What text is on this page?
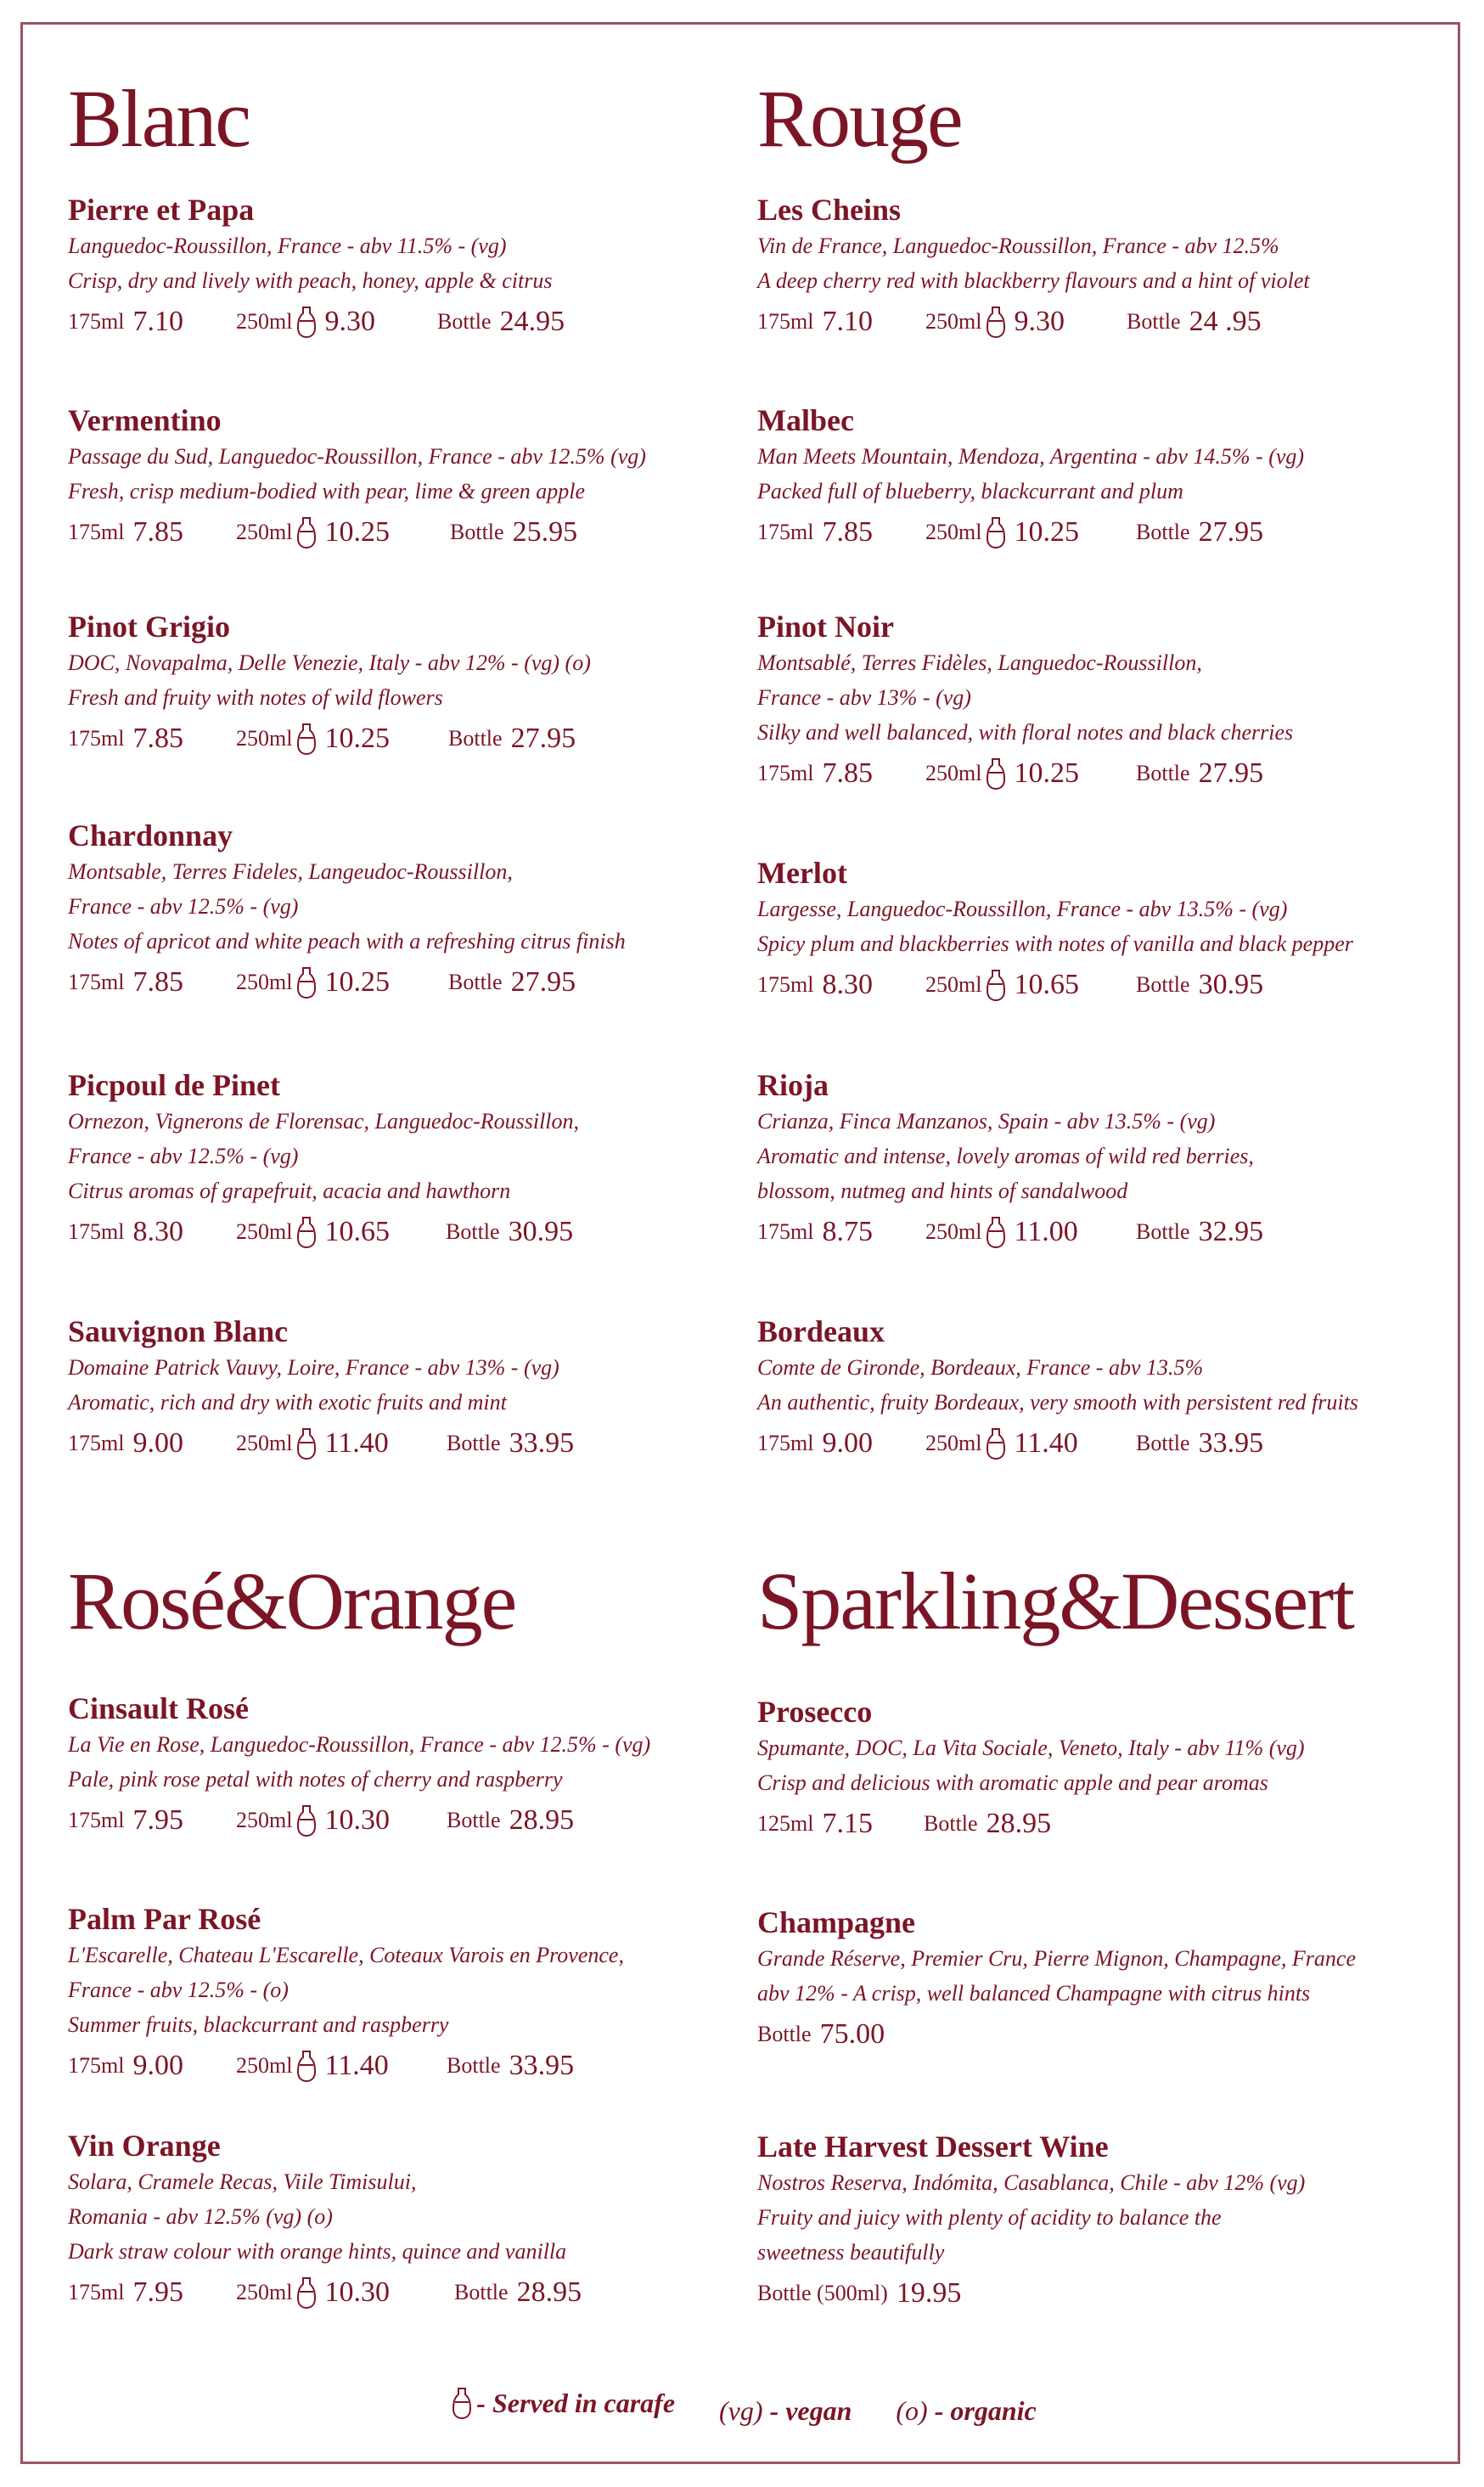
Blanc
Pierre et Papa
Languedoc-Roussillon, France - abv 11.5% - (vg)
Crisp, dry and lively with peach, honey, apple & citrus
175ml 7.10 250ml 9.30	Bottle 24.95
Vermentino
Passage du Sud, Languedoc-Roussillon, France - abv 12.5% (vg)
Fresh, crisp medium-bodied with pear, lime & green apple
175ml 7.85 250ml 10.25	Bottle 25.95
Pinot Grigio
DOC, Novapalma, Delle Venezie, Italy - abv 12% - (vg) (o)
Fresh and fruity with notes of wild flowers
175ml 7.85 250ml 10.25	Bottle 27.95
Chardonnay
Montsable, Terres Fideles, Langeudoc-Roussillon,
France - abv 12.5% - (vg)
Notes of apricot and white peach with a refreshing citrus finish
175ml 7.85 250ml 10.25	Bottle 27.95
Picpoul de Pinet
Ornezon, Vignerons de Florensac, Languedoc-Roussillon,
France - abv 12.5% - (vg)
Citrus aromas of grapefruit, acacia and hawthorn
175ml 8.30 250ml 10.65	Bottle 30.95
Sauvignon Blanc
Domaine Patrick Vauvy, Loire, France - abv 13% - (vg)
Aromatic, rich and dry with exotic fruits and mint
175ml 9.00 250ml 11.40	Bottle 33.95
Rosé&Orange
Cinsault Rosé
La Vie en Rose, Languedoc-Roussillon, France - abv 12.5% - (vg)
Pale, pink rose petal with notes of cherry and raspberry
175ml 7.95 250ml 10.30	Bottle 28.95
Palm Par Rosé
L'Escarelle, Chateau L'Escarelle, Coteaux Varois en Provence,
France - abv 12.5% - (o)
Summer fruits, blackcurrant and raspberry
175ml 9.00 250ml 11.40	Bottle 33.95
Vin Orange
Solara, Cramele Recas, Viile Timisului,
Romania - abv 12.5% (vg) (o)
Dark straw colour with orange hints, quince and vanilla
175ml 7.95 250ml 10.30	Bottle 28.95
Rouge
Les Cheins
Vin de France, Languedoc-Roussillon, France - abv 12.5%
A deep cherry red with blackberry flavours and a hint of violet
175ml 7.10 250ml 9.30	Bottle 24 .95
Malbec
Man Meets Mountain, Mendoza, Argentina - abv 14.5% - (vg)
Packed full of blueberry, blackcurrant and plum
175ml 7.85 250ml 10.25	Bottle 27.95
Pinot Noir
Montsablé, Terres Fidèles, Languedoc-Roussillon,
France - abv 13% - (vg)
Silky and well balanced, with floral notes and black cherries
175ml 7.85 250ml 10.25	Bottle 27.95
Merlot
Largesse, Languedoc-Roussillon, France - abv 13.5% - (vg)
Spicy plum and blackberries with notes of vanilla and black pepper
175ml 8.30 250ml 10.65	Bottle 30.95
Rioja
Crianza, Finca Manzanos, Spain - abv 13.5% - (vg)
Aromatic and intense, lovely aromas of wild red berries,
blossom, nutmeg and hints of sandalwood
175ml 8.75 250ml 11.00	Bottle 32.95
Bordeaux
Comte de Gironde, Bordeaux, France - abv 13.5%
An authentic, fruity Bordeaux, very smooth with persistent red fruits
175ml 9.00 250ml 11.40	Bottle 33.95
Sparkling&Dessert
Prosecco
Spumante, DOC, La Vita Sociale, Veneto, Italy - abv 11% (vg)
Crisp and delicious with aromatic apple and pear aromas
125ml 7.15 Bottle 28.95
Champagne
Grande Réserve, Premier Cru, Pierre Mignon, Champagne, France
abv 12% - A crisp, well balanced Champagne with citrus hints
Bottle 75.00
Late Harvest Dessert Wine
Nostros Reserva, Indómita, Casablanca, Chile - abv 12% (vg)
Fruity and juicy with plenty of acidity to balance the
sweetness beautifully
Bottle (500ml) 19.95
- Served in carafe
(vg)
- vegan
(o)
- organic
